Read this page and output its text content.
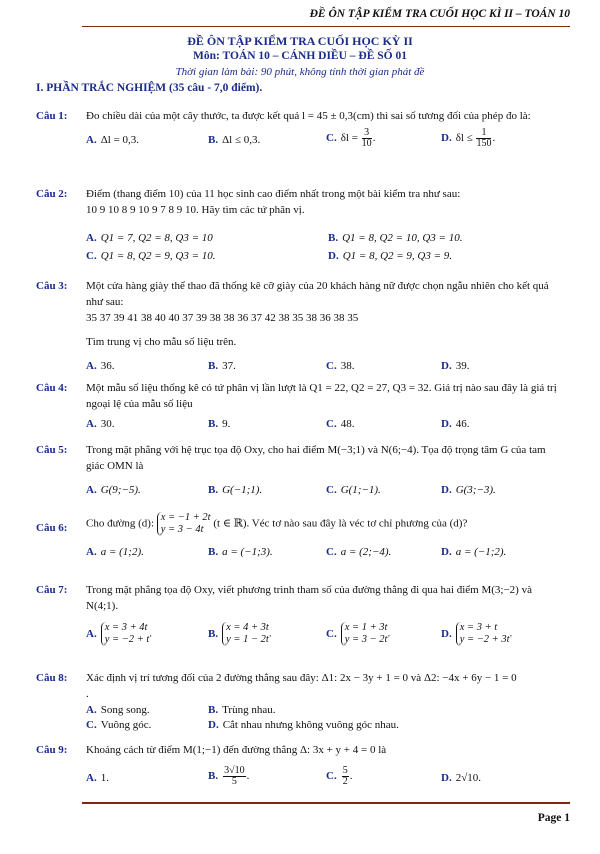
ĐỀ ÔN TẬP KIỂM TRA CUỐI HỌC KÌ II – TOÁN 10
ĐỀ ÔN TẬP KIỂM TRA CUỐI HỌC KỲ II
Môn: TOÁN 10 – CÁNH DIỀU – ĐỀ SỐ 01
Thời gian làm bài: 90 phút, không tính thời gian phát đề
I. PHẦN TRẮC NGHIỆM (35 câu - 7,0 điểm).
Câu 1: Đo chiều dài của một cây thước, ta được kết quả l = 45 ± 0,3(cm) thì sai số tương đối của phép đo là:
A. Δl = 0,3.	B. Δl ≤ 0,3.	C. $\delta l = \frac{3}{10}$ .	D. $\delta l \le \frac{1}{150}$ .
Câu 2: Điểm (thang điểm 10) của 11 học sinh cao điểm nhất trong một bài kiểm tra như sau:
10 9 10 8 9 10 9 7 8 9 10. Hãy tìm các tứ phân vị.
A. Q1 = 7, Q2 = 8, Q3 = 10	B. Q1 = 8, Q2 = 10, Q3 = 10.
C. Q1 = 8, Q2 = 9, Q3 = 10.	D. Q1 = 8, Q2 = 9, Q3 = 9.
Câu 3: Một cửa hàng giày thể thao đã thống kê cỡ giày của 20 khách hàng nữ được chọn ngẫu nhiên cho kết quả như sau:
35 37 39 41 38 40 40 37 39 38 38 36 37 42 38 35 38 36 38 35
Tìm trung vị cho mẫu số liệu trên.
A. 36.	B. 37.	C. 38.	D. 39.
Câu 4: Một mẫu số liệu thống kê có tứ phân vị lần lượt là Q1 = 22, Q2 = 27, Q3 = 32. Giá trị nào sau đây là giá trị ngoại lệ của mẫu số liệu
A. 30.	B. 9.	C. 48.	D. 46.
Câu 5: Trong mặt phẳng với hệ trục tọa độ Oxy, cho hai điểm M(−3;1) và N(6;−4). Tọa độ trọng tâm G của tam giác OMN là
A. G(9;−5).	B. G(−1;1).	C. G(1;−1).	D. G(3;−3).
Câu 6: Cho đường (d):
x = −1 + 2t
y = 3 − 4t (t ∈ ℝ). Véc tơ nào sau đây là véc tơ chỉ phương của (d)?
A. a = (1;2).	B. a = (−1;3).	C. a = (2;−4).	D. a = (−1;2).
Câu 7: Trong mặt phẳng tọa độ Oxy, viết phương trình tham số của đường thẳng đi qua hai điểm M(3;−2) và N(4;1).
A.
x = 3 + 4t
y = −2 + t .	B.
x = 4 + 3t
y = 1 − 2t .	C.
x = 1 + 3t
y = 3 − 2t .	D.
x = 3 + t
y = −2 + 3t .
Câu 8: Xác định vị trí tương đối của 2 đường thẳng sau đây: Δ1: 2x − 3y + 1 = 0 và Δ2: −4x + 6y − 1 = 0
.
A. Song song.	B. Trùng nhau.
C. Vuông góc.	D. Cắt nhau nhưng không vuông góc nhau.
Câu 9: Khoảng cách từ điểm M(1;−1) đến đường thẳng Δ: 3x + y + 4 = 0 là
A. 1.	B. $\frac{3√10}{5}$ .	C. $\frac{5}{2}$ .	D. 2√10.
Page 1
